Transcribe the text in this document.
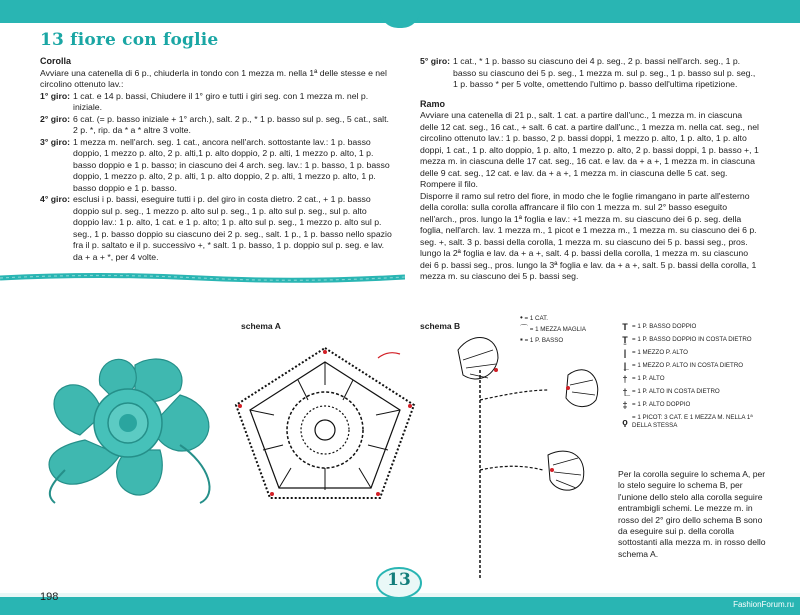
13 fiore con foglie
Corolla

Avviare una catenella di 6 p., chiuderla in tondo con 1 mezza m. nella 1ª delle stesse e nel circolino ottenuto lav.:

1° giro: 1 cat. e 14 p. bassi, Chiudere il 1° giro e tutti i giri seg. con 1 mezza m. nel p. iniziale.
2° giro: 6 cat. (= p. basso iniziale + 1° arch.), salt. 2 p., * 1 p. basso sul p. seg., 5 cat., salt. 2 p. *, rip. da * a * altre 3 volte.
3° giro: 1 mezza m. nell'arch. seg. 1 cat., ancora nell'arch. sottostante lav.: 1 p. basso doppio, 1 mezzo p. alto, 2 p. alti,1 p. alto doppio, 2 p. alti, 1 mezzo p. alto, 1 p. basso doppio e 1 p. basso; in ciascuno dei 4 arch. seg. lav.: 1 p. basso, 1 p. basso doppio, 1 mezzo p. alto, 2 p. alti, 1 p. alto doppio, 2 p. alti, 1 mezzo p. alto, 1 p. basso doppio e 1 p. basso.
4° giro: esclusi i p. bassi, eseguire tutti i p. del giro in costa dietro. 2 cat., + 1 p. basso doppio sul p. seg., 1 mezzo p. alto sul p. seg., 1 p. alto sul p. seg., sul p. alto doppio lav.: 1 p. alto, 1 cat. e 1 p. alto; 1 p. alto sul p. seg., 1 mezzo p. alto sul p. seg., 1 p. basso doppio su ciascuno dei 2 p. seg., salt. 1 p., 1 p. basso nello spazio fra il p. saltato e il p. successivo +, * salt. 1 p. basso, 1 p. doppio sul p. seg. e lav. da + a + *, per 4 volte.
5° giro: 1 cat., * 1 p. basso su ciascuno dei 4 p. seg., 2 p. bassi nell'arch. seg., 1 p. basso su ciascuno dei 5 p. seg., 1 mezza m. sul p. seg., 1 p. basso sul p. seg., 1 p. basso * per 5 volte, omettendo l'ultimo p. basso dell'ultima ripetizione.
Ramo

Avviare una catenella di 21 p., salt. 1 cat. a partire dall'unc., 1 mezza m. in ciascuna delle 12 cat. seg., 16 cat., + salt. 6 cat. a partire dall'unc., 1 mezza m. nella cat. seg., nel circolino ottenuto lav.: 1 p. basso, 2 p. bassi doppi, 1 mezzo p. alto, 1 p. alto, 1 p. alto doppi, 1 cat., 1 p. alto doppio, 1 p. alto, 1 mezzo p. alto, 2 p. bassi doppi, 1 p. basso +, 1 mezza m. in ciascuna delle 17 cat. seg., 16 cat. e lav. da + a +, 1 mezza m. in ciascuna delle 9 cat. seg., 12 cat. e lav. da + a +, 1 mezza m. in ciascuna delle 5 cat. seg. Rompere il filo.

Disporre il ramo sul retro del fiore, in modo che le foglie rimangano in parte all'esterno della corolla: sulla corolla affrancare il filo con 1 mezza m. sul 2° basso eseguito nell'arch., pros. lungo la 1ª foglia e lav.: +1 mezza m. su ciascuno dei 6 p. seg. della foglia, nell'arch. lav. 1 mezza m., 1 picot e 1 mezza m., 1 mezza m. su ciascuno dei 6 p. seg. +, salt. 3 p. bassi della corolla, 1 mezza m. su ciascuno dei 5 p. bassi seg., pros. lungo la 2ª foglia e lav. da + a +, salt. 4 p. bassi della corolla, 1 mezza m. su ciascuno dei 6 p. bassi seg., pros. lungo la 3ª foglia e lav. da + a +, salt. 5 p. bassi della corolla, 1 mezza m. su ciascuno dei 5 p. bassi seg.

schema A	schema B
• = 1 CAT.
⌒ = 1 MEZZA MAGLIA
▪ = 1 P. BASSO
T = 1 P. BASSO DOPPIO
Ṯ = 1 P. BASSO DOPPIO IN COSTA DIETRO
| = 1 MEZZO P. ALTO
|̲ = 1 MEZZO P. ALTO IN COSTA DIETRO
† = 1 P. ALTO
†̲ = 1 P. ALTO IN COSTA DIETRO
‡ = 1 P. ALTO DOPPIO
ϙ = 1 PICOT: 3 CAT. E 1 MEZZA M. NELLA 1ª DELLA STESSA
Per la corolla seguire lo schema A, per lo stelo seguire lo schema B, per l'unione dello stelo alla corolla seguire entrambigli schemi. Le mezze m. in rosso del 2° giro dello schema B sono da eseguire sui p. della corolla sottostanti alla mezza m. in rosso dello schema A.
13
198
FashionForum.ru
